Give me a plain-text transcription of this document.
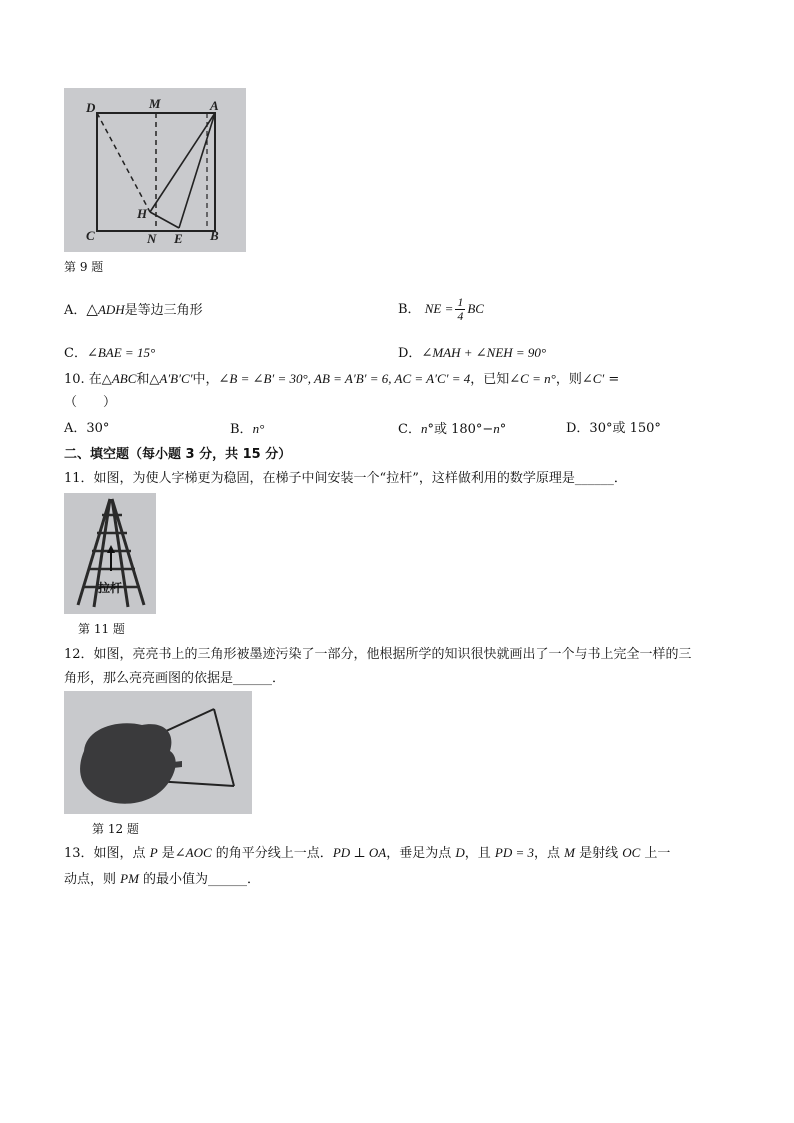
D	M	A
H
C	N E B
第 9 题
A．△ADH是等边三角形	B． NE = $\frac{1}{4}$ BC
C．∠BAE = 15°	D．∠MAH + ∠NEH = 90°
10. 在△ABC和△A′B′C′中，∠B = ∠B′ = 30°, AB = A′B′ = 6, AC = A′C′ = 4，已知∠C = n°，则∠C′ =
（　　）
A．30°	B．n°	C．n°或 180°−n°	D．30°或 150°
二、填空题（每小题 3 分，共 15 分）
11．如图，为使人字梯更为稳固，在梯子中间安装一个“拉杆”，这样做利用的数学原理是______．
拉杆
第 11 题
12．如图，亮亮书上的三角形被墨迹污染了一部分，他根据所学的知识很快就画出了一个与书上完全一样的三
角形，那么亮亮画图的依据是______．
第 12 题
13．如图，点 P 是∠AOC 的角平分线上一点．PD ⊥ OA，垂足为点 D，且 PD = 3，点 M 是射线 OC 上一
动点，则 PM 的最小值为______．
